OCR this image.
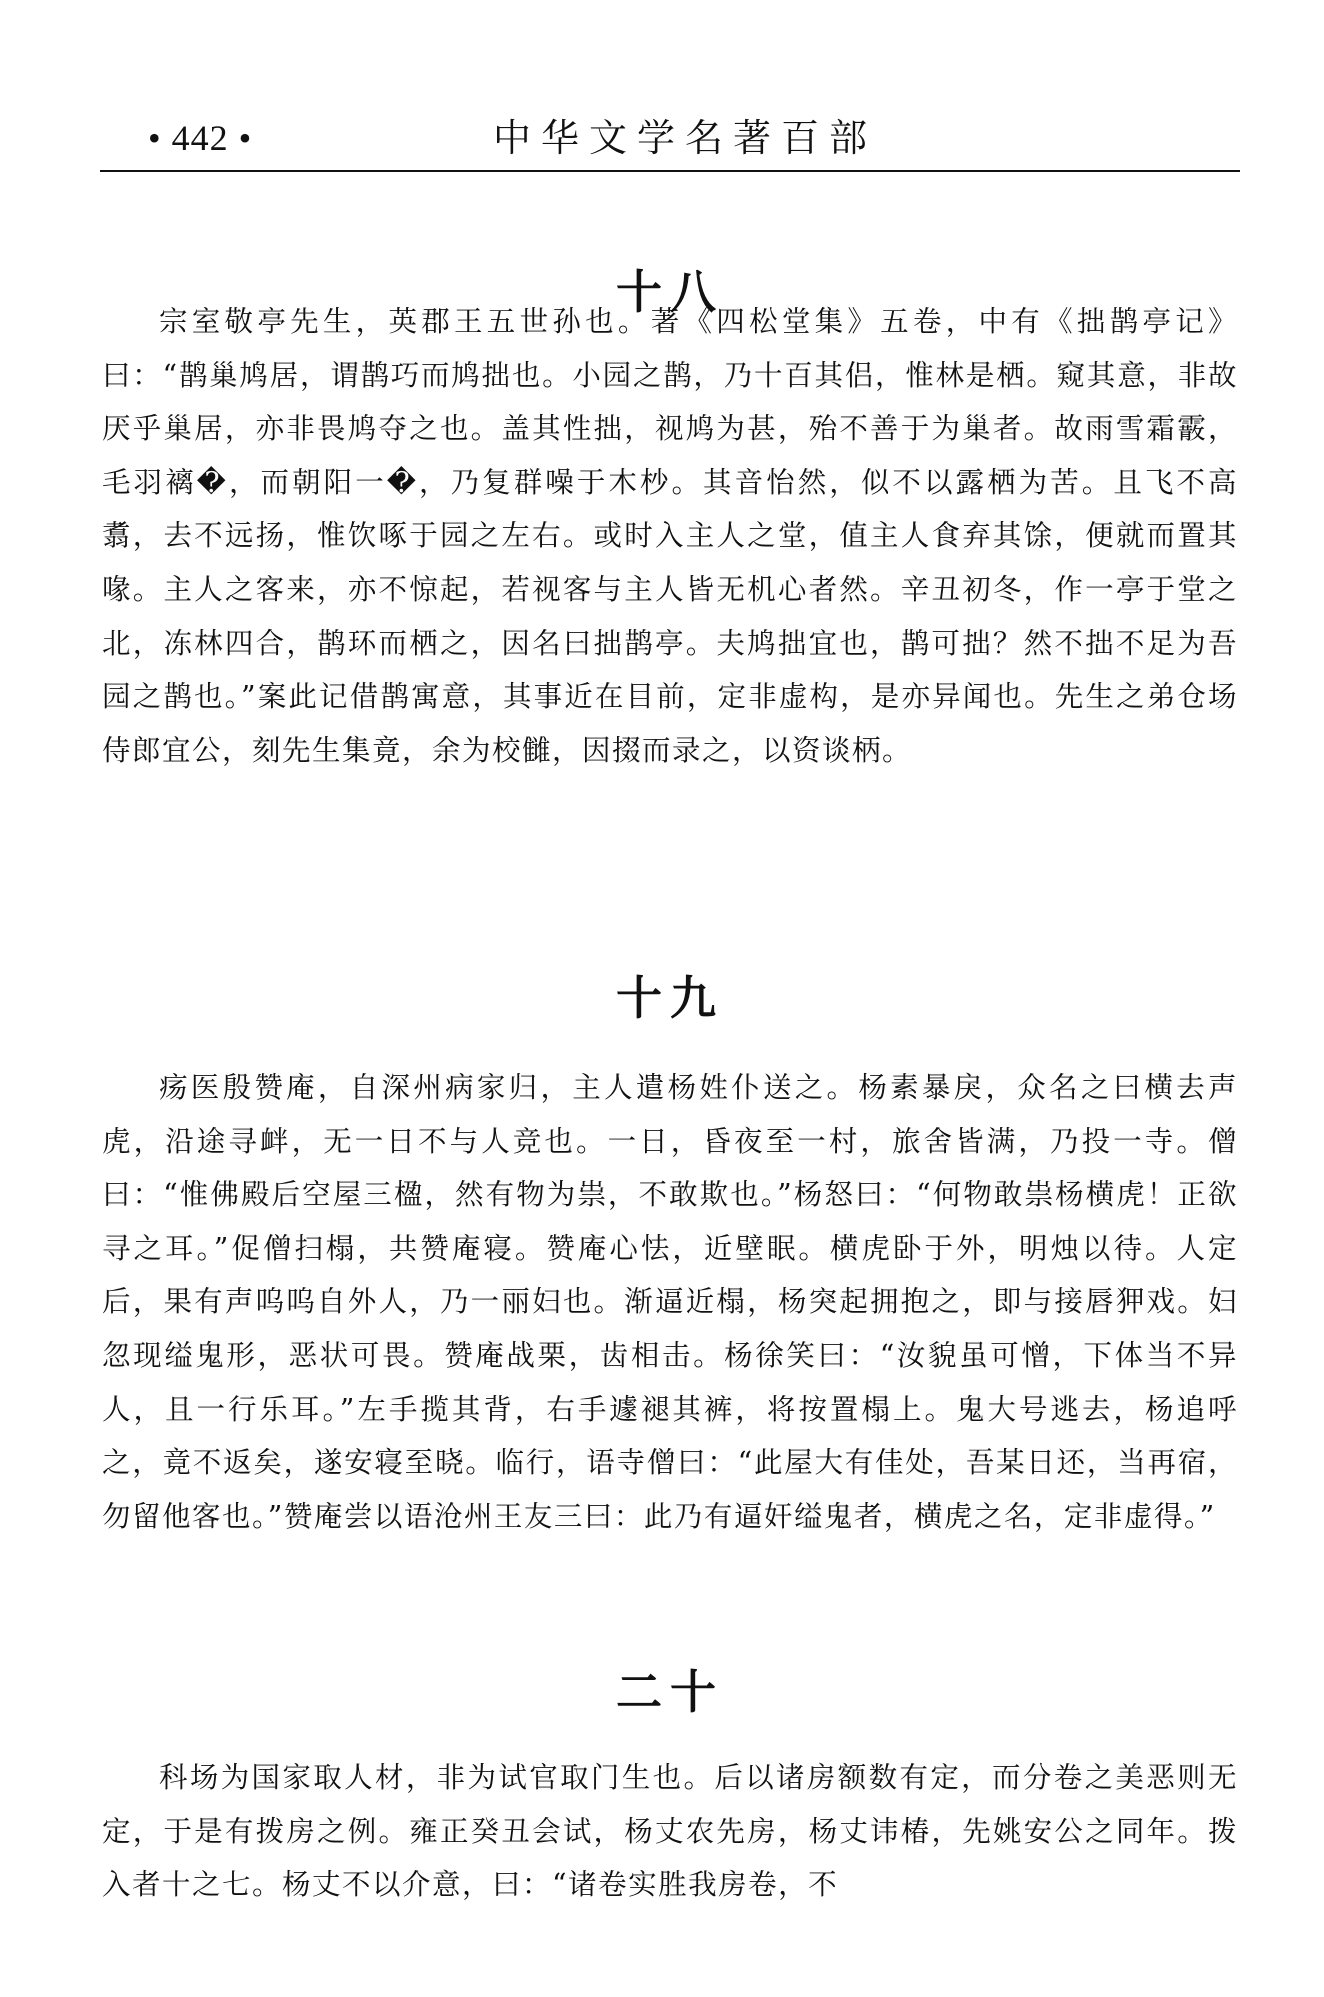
• 442 •	中华文学名著百部
十八

宗室敬亭先生，英郡王五世孙也。著《四松堂集》五卷，中有《拙鹊亭记》曰：“鹊巢鸠居，谓鹊巧而鸠拙也。小园之鹊，乃十百其侣，惟林是栖。窥其意，非故厌乎巢居，亦非畏鸠夺之也。盖其性拙，视鸠为甚，殆不善于为巢者。故雨雪霜霰，毛羽褵�，而朝阳一�，乃复群噪于木杪。其音怡然，似不以露栖为苦。且飞不高翥，去不远扬，惟饮啄于园之左右。或时入主人之堂，值主人食弃其馀，便就而置其喙。主人之客来，亦不惊起，若视客与主人皆无机心者然。辛丑初冬，作一亭于堂之北，冻林四合，鹊环而栖之，因名曰拙鹊亭。夫鸠拙宜也，鹊可拙？然不拙不足为吾园之鹊也。”案此记借鹊寓意，其事近在目前，定非虚构，是亦异闻也。先生之弟仓场侍郎宜公，刻先生集竟，余为校雠，因掇而录之，以资谈柄。

十九

疡医殷赞庵，自深州病家归，主人遣杨姓仆送之。杨素暴戾，众名之曰横去声虎，沿途寻衅，无一日不与人竞也。一日，昏夜至一村，旅舍皆满，乃投一寺。僧曰：“惟佛殿后空屋三楹，然有物为祟，不敢欺也。”杨怒曰：“何物敢祟杨横虎！正欲寻之耳。”促僧扫榻，共赞庵寝。赞庵心怯，近壁眠。横虎卧于外，明烛以待。人定后，果有声呜呜自外人，乃一丽妇也。渐逼近榻，杨突起拥抱之，即与接唇狎戏。妇忽现缢鬼形，恶状可畏。赞庵战栗，齿相击。杨徐笑曰：“汝貌虽可憎，下体当不异人，且一行乐耳。”左手揽其背，右手遽褪其裤，将按置榻上。鬼大号逃去，杨追呼之，竟不返矣，遂安寝至晓。临行，语寺僧曰：“此屋大有佳处，吾某日还，当再宿，勿留他客也。”赞庵尝以语沧州王友三曰：此乃有逼奸缢鬼者，横虎之名，定非虚得。”

二十

科场为国家取人材，非为试官取门生也。后以诸房额数有定，而分卷之美恶则无定，于是有拨房之例。雍正癸丑会试，杨丈农先房，杨丈讳椿，先姚安公之同年。拨入者十之七。杨丈不以介意，曰：“诸卷实胜我房卷，不
